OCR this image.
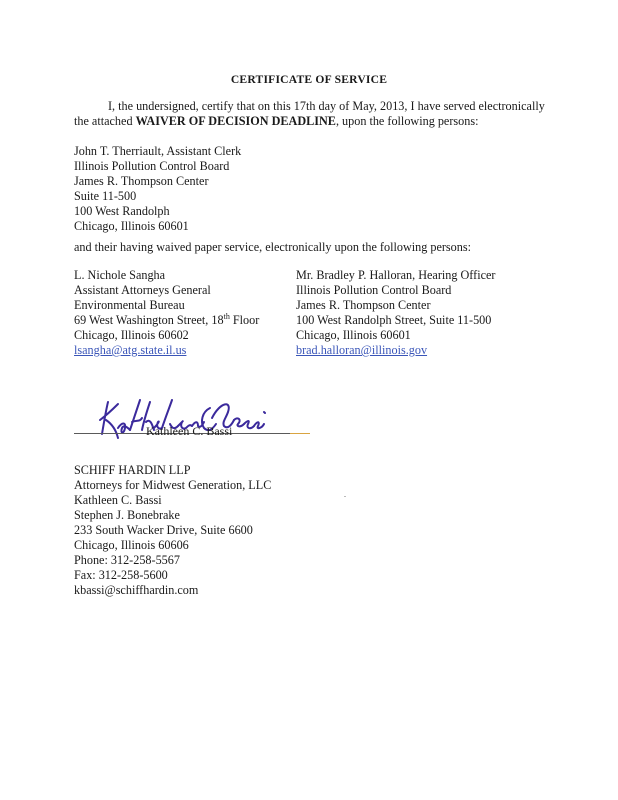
CERTIFICATE OF SERVICE
I, the undersigned, certify that on this 17th day of May, 2013, I have served electronically
the attached WAIVER OF DECISION DEADLINE, upon the following persons:
John T. Therriault, Assistant Clerk
Illinois Pollution Control Board
James R. Thompson Center
Suite 11-500
100 West Randolph
Chicago, Illinois 60601
and their having waived paper service, electronically upon the following persons:
L. Nichole Sangha
Assistant Attorneys General
Environmental Bureau
69 West Washington Street, 18th Floor
Chicago, Illinois 60602
lsangha@atg.state.il.us
Mr. Bradley P. Halloran, Hearing Officer
Illinois Pollution Control Board
James R. Thompson Center
100 West Randolph Street, Suite 11-500
Chicago, Illinois 60601
brad.halloran@illinois.gov
Kathleen C. Bassi
SCHIFF HARDIN LLP
Attorneys for Midwest Generation, LLC
Kathleen C. Bassi
Stephen J. Bonebrake
233 South Wacker Drive, Suite 6600
Chicago, Illinois 60606
Phone: 312-258-5567
Fax: 312-258-5600
kbassi@schiffhardin.com
